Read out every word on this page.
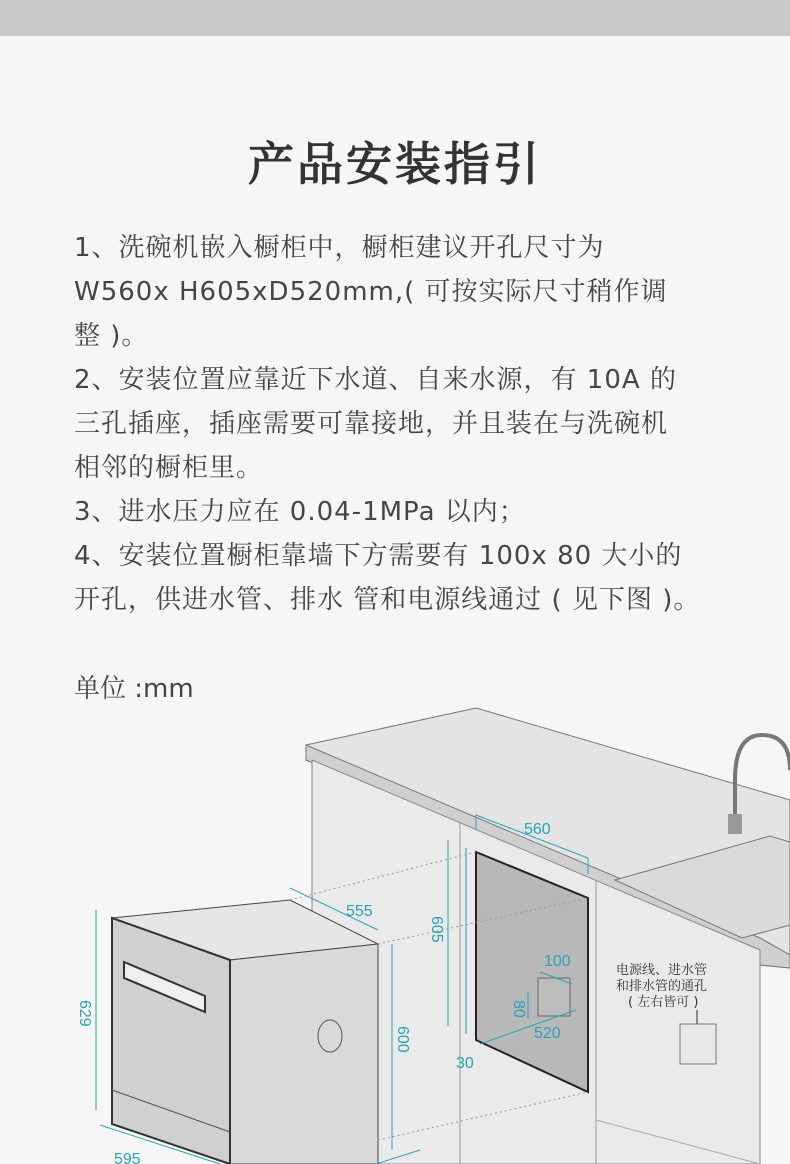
产品安装指引
1、洗碗机嵌入橱柜中，橱柜建议开孔尺寸为
W560x H605xD520mm,( 可按实际尺寸稍作调
整 )。
2、安装位置应靠近下水道、自来水源，有 10A 的
三孔插座，插座需要可靠接地，并且装在与洗碗机
相邻的橱柜里。
3、进水压力应在 0.04-1MPa 以内；
4、安装位置橱柜靠墙下方需要有 100x 80 大小的
开孔，供进水管、排水 管和电源线通过 ( 见下图 )。
单位 :mm
560
605
100
80
520
30
555
600
629
595
电源线、进水管
和排水管的通孔
( 左右皆可 )
